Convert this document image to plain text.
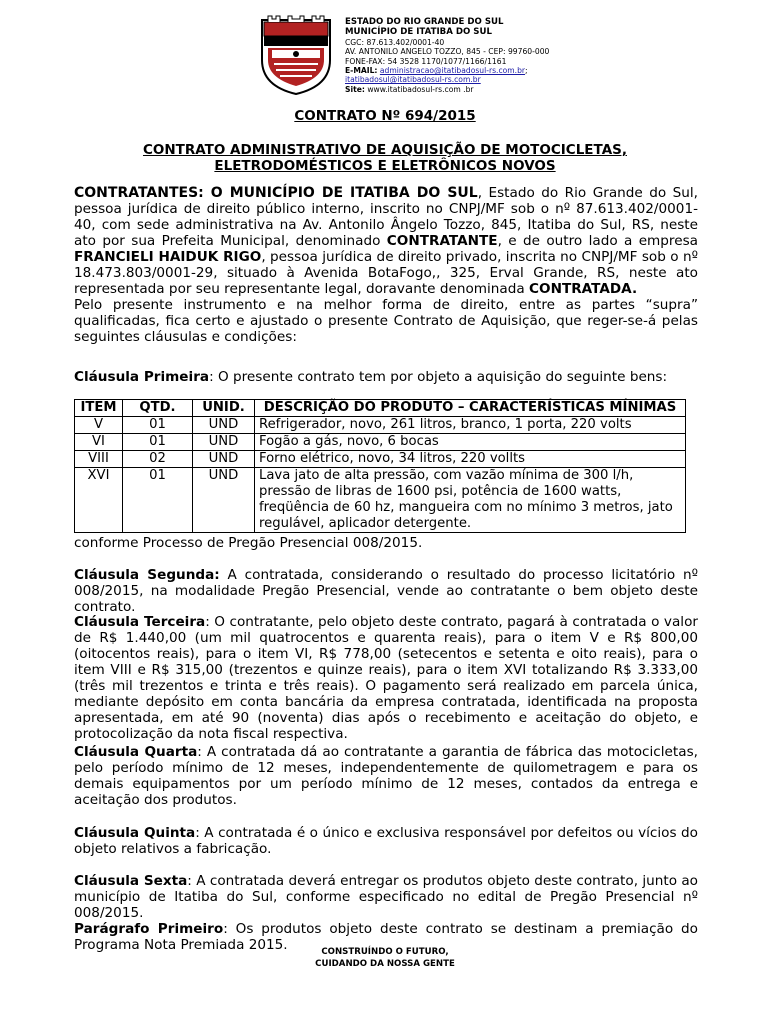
ESTADO DO RIO GRANDE DO SUL
MUNICÍPIO DE ITATIBA DO SUL
CGC: 87.613.402/0001-40
AV. ANTONILO ANGELO TOZZO, 845 - CEP: 99760-000
FONE-FAX: 54 3528 1170/1077/1166/1161
E-MAIL: administracao@itatibadosul-rs.com.br;
itatibadosul@itatibadosul-rs.com.br
Site: www.itatibadosul-rs.com .br
CONTRATO Nº 694/2015
CONTRATO ADMINISTRATIVO DE AQUISIÇÃO DE MOTOCICLETAS,
ELETRODOMÉSTICOS E ELETRÔNICOS NOVOS
CONTRATANTES: O MUNICÍPIO DE ITATIBA DO SUL, Estado do Rio Grande do Sul, pessoa jurídica de direito público interno, inscrito no CNPJ/MF sob o nº 87.613.402/0001-40, com sede administrativa na Av. Antonilo Ângelo Tozzo, 845, Itatiba do Sul, RS, neste ato por sua Prefeita Municipal, denominado CONTRATANTE, e de outro lado a empresa FRANCIELI HAIDUK RIGO, pessoa jurídica de direito privado, inscrita no CNPJ/MF sob o nº 18.473.803/0001-29, situado à Avenida BotaFogo,, 325, Erval Grande, RS, neste ato representada por seu representante legal, doravante denominada CONTRATADA.
Pelo presente instrumento e na melhor forma de direito, entre as partes “supra” qualificadas, fica certo e ajustado o presente Contrato de Aquisição, que reger-se-á pelas seguintes cláusulas e condições:
Cláusula Primeira: O presente contrato tem por objeto a aquisição do seguinte bens:
ITEM	QTD.	UNID.	DESCRIÇÃO DO PRODUTO – CARACTERÍSTICAS MÍNIMAS
V	01	UND	Refrigerador, novo, 261 litros, branco, 1 porta, 220 volts
VI	01	UND	Fogão a gás, novo, 6 bocas
VIII	02	UND	Forno elétrico, novo, 34 litros, 220 vollts
XVI	01	UND	Lava jato de alta pressão, com vazão mínima de 300 l/h, pressão de libras de 1600 psi, potência de 1600 watts, freqüência de 60 hz, mangueira com no mínimo 3 metros, jato regulável, aplicador detergente.
conforme Processo de Pregão Presencial 008/2015.
Cláusula Segunda: A contratada, considerando o resultado do processo licitatório nº 008/2015, na modalidade Pregão Presencial, vende ao contratante o bem objeto deste contrato.
Cláusula Terceira: O contratante, pelo objeto deste contrato, pagará à contratada o valor de R$ 1.440,00 (um mil quatrocentos e quarenta reais), para o item V e R$ 800,00 (oitocentos reais), para o item VI, R$ 778,00 (setecentos e setenta e oito reais), para o item VIII e R$ 315,00 (trezentos e quinze reais), para o item XVI totalizando R$ 3.333,00 (três mil trezentos e trinta e três reais). O pagamento será realizado em parcela única, mediante depósito em conta bancária da empresa contratada, identificada na proposta apresentada, em até 90 (noventa) dias após o recebimento e aceitação do objeto, e protocolização da nota fiscal respectiva.
Cláusula Quarta: A contratada dá ao contratante a garantia de fábrica das motocicletas, pelo período mínimo de 12 meses, independentemente de quilometragem e para os demais equipamentos por um período mínimo de 12 meses, contados da entrega e aceitação dos produtos.
Cláusula Quinta: A contratada é o único e exclusiva responsável por defeitos ou vícios do objeto relativos a fabricação.
Cláusula Sexta: A contratada deverá entregar os produtos objeto deste contrato, junto ao município de Itatiba do Sul, conforme especificado no edital de Pregão Presencial nº 008/2015.
Parágrafo Primeiro: Os produtos objeto deste contrato se destinam a premiação do Programa Nota Premiada 2015.	CONSTRUÍNDO O FUTURO,
CUIDANDO DA NOSSA GENTE
